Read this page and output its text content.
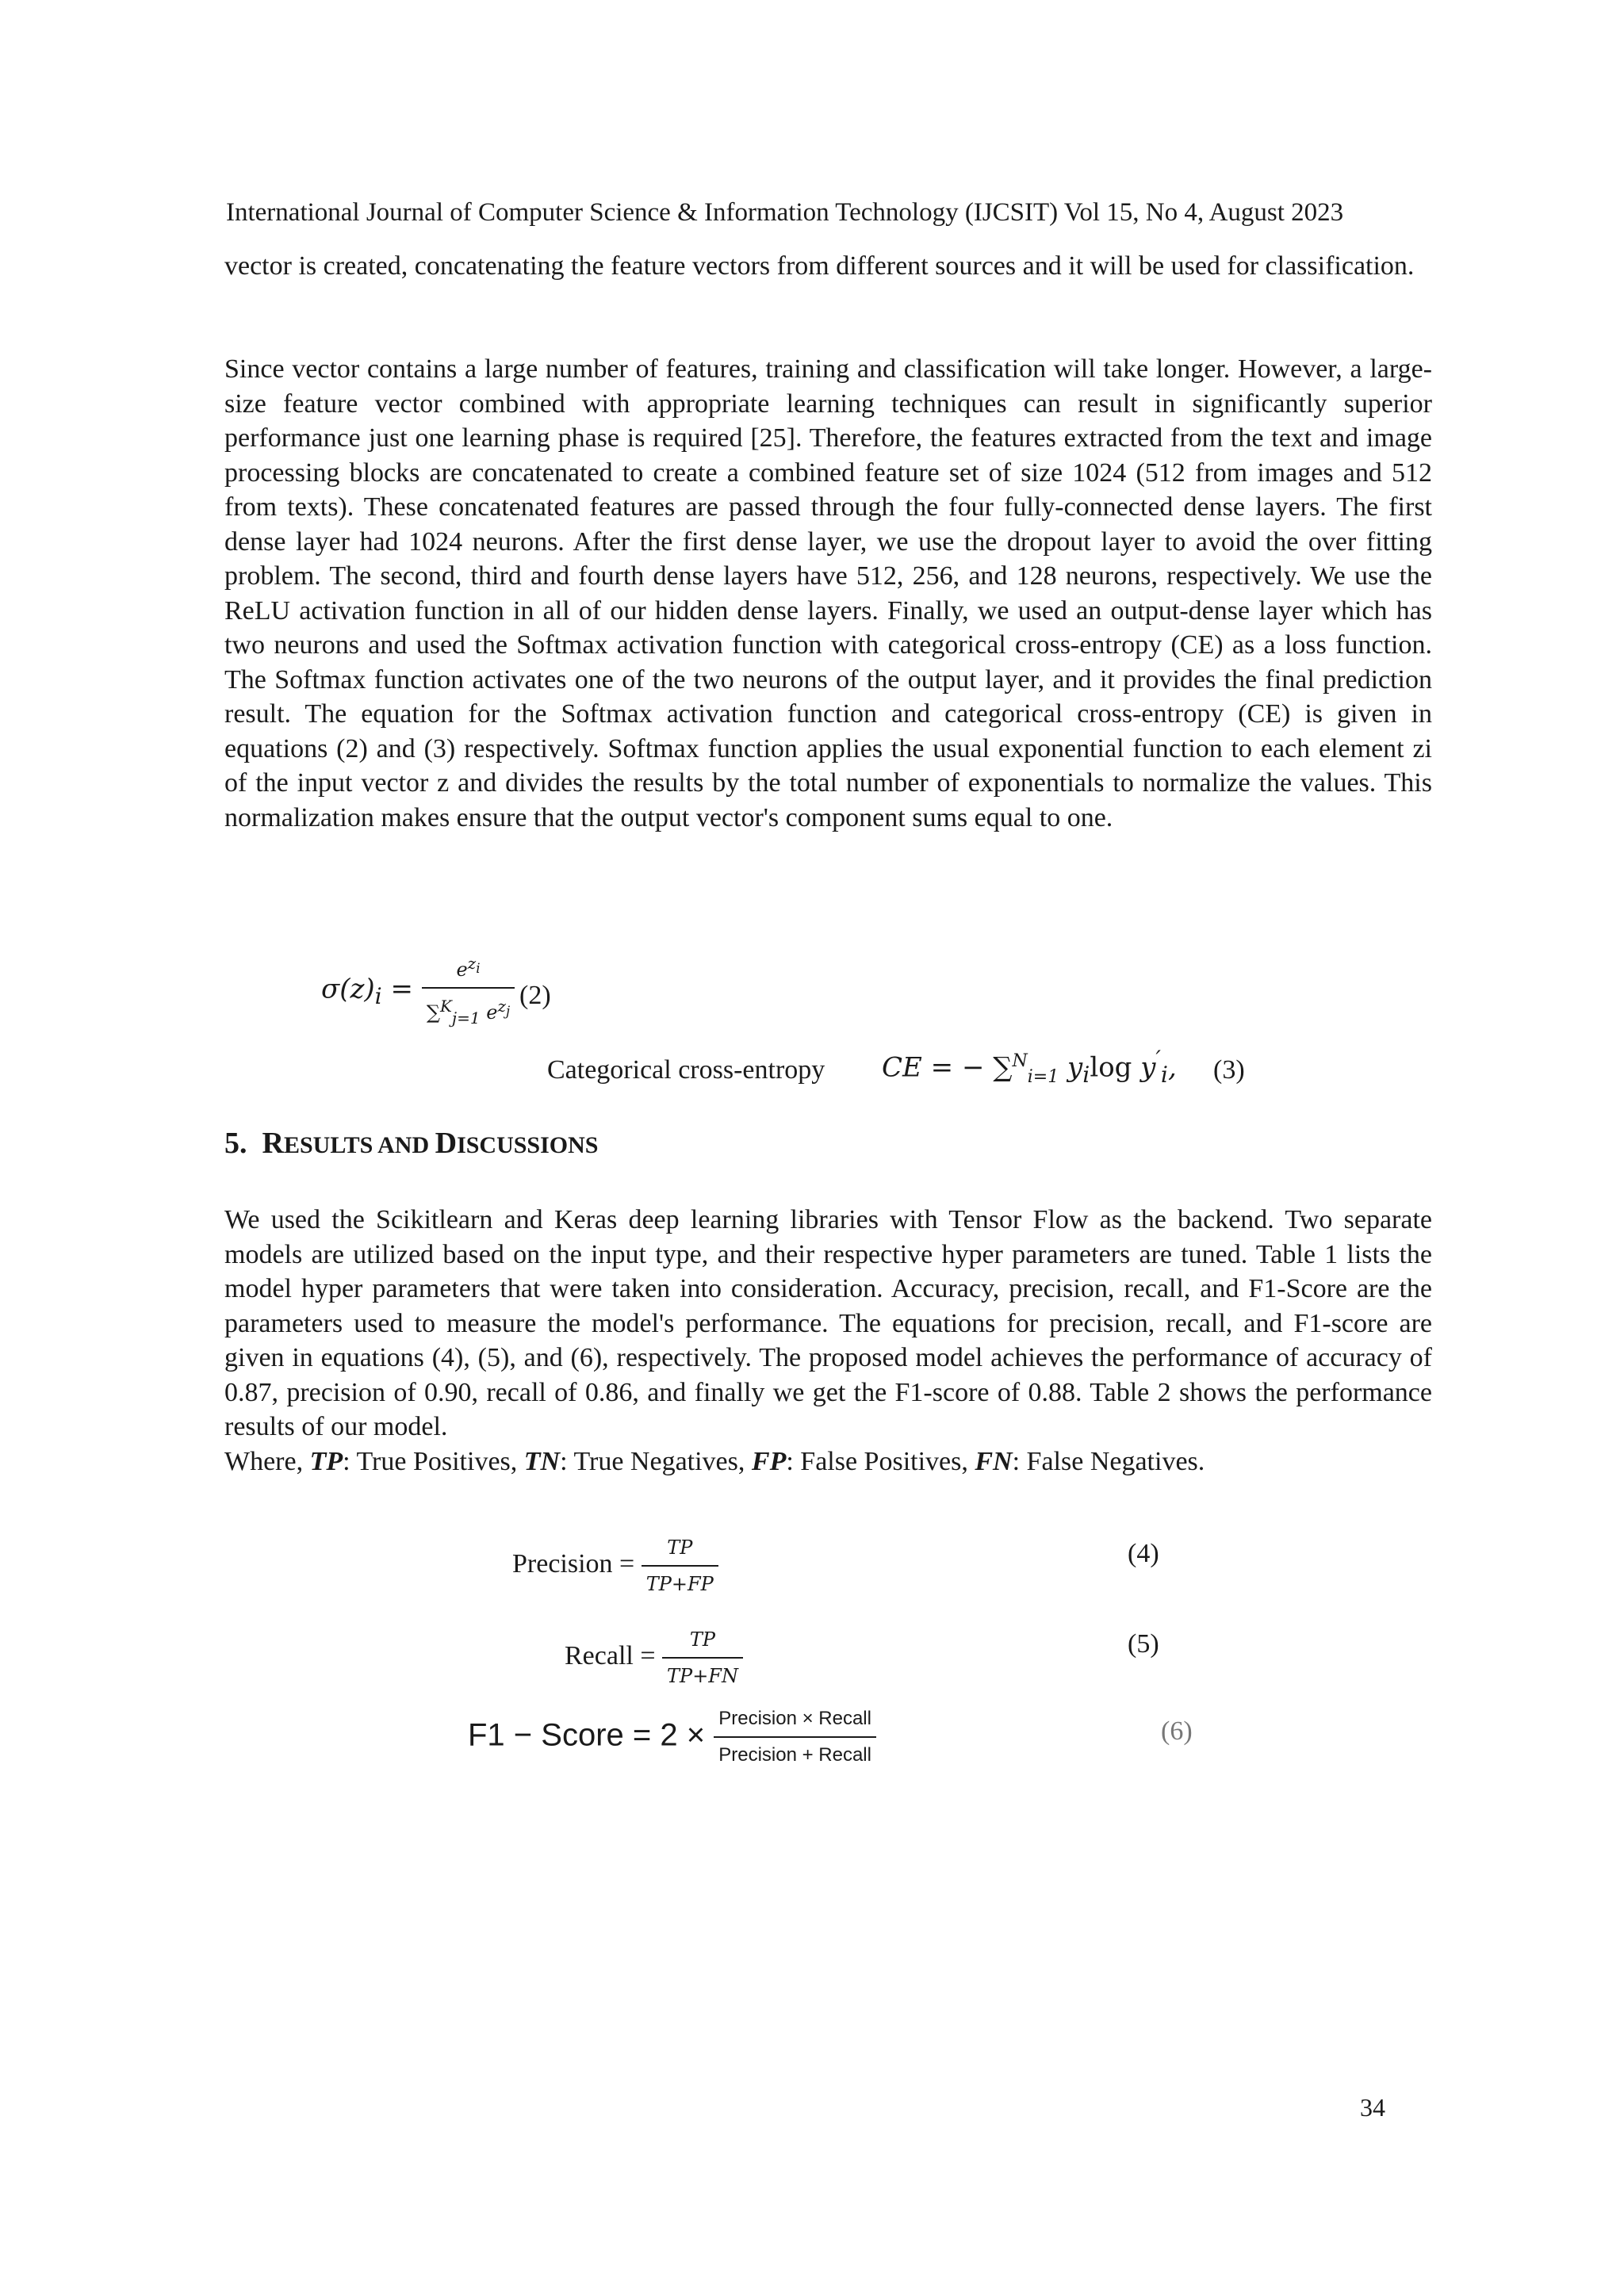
International Journal of Computer Science & Information Technology (IJCSIT) Vol 15, No 4, August 2023

vector is created, concatenating the feature vectors from different sources and it will be used for classification.

Since vector contains a large number of features, training and classification will take longer. However, a large-size feature vector combined with appropriate learning techniques can result in significantly superior performance just one learning phase is required [25]. Therefore, the features extracted from the text and image processing blocks are concatenated to create a combined feature set of size 1024 (512 from images and 512 from texts). These concatenated features are passed through the four fully-connected dense layers. The first dense layer had 1024 neurons. After the first dense layer, we use the dropout layer to avoid the over fitting problem. The second, third and fourth dense layers have 512, 256, and 128 neurons, respectively. We use the ReLU activation function in all of our hidden dense layers. Finally, we used an output-dense layer which has two neurons and used the Softmax activation function with categorical cross-entropy (CE) as a loss function. The Softmax function activates one of the two neurons of the output layer, and it provides the final prediction result. The equation for the Softmax activation function and categorical cross-entropy (CE) is given in equations (2) and (3) respectively. Softmax function applies the usual exponential function to each element zi of the input vector z and divides the results by the total number of exponentials to normalize the values. This normalization makes ensure that the output vector's component sums equal to one.

$\sigma(z)_i = \frac{e^{z_i}}{\sum^K_{j=1} e^{z_j}} (2)$
Categorical cross-entropy CE = − ∑$^N_{i=1}$ $y_i\log$ $y'_i$, (3)
5. RESULTS AND DISCUSSIONS

We used the Scikitlearn and Keras deep learning libraries with Tensor Flow as the backend. Two separate models are utilized based on the input type, and their respective hyper parameters are tuned. Table 1 lists the model hyper parameters that were taken into consideration. Accuracy, precision, recall, and F1-Score are the parameters used to measure the model's performance. The equations for precision, recall, and F1-score are given in equations (4), (5), and (6), respectively. The proposed model achieves the performance of accuracy of 0.87, precision of 0.90, recall of 0.86, and finally we get the F1-score of 0.88. Table 2 shows the performance results of our model.

Where, TP: True Positives, TN: True Negatives, FP: False Positives, FN: False Negatives.

Precision = $\frac{TP}{TP+FP}$	(4)
Recall = $\frac{TP}{TP+FN}$	(5)
F1 − Score = $2 \times \frac{\text{Precision × Recall}}{\text{Precision + Recall}}$	(6)
34
